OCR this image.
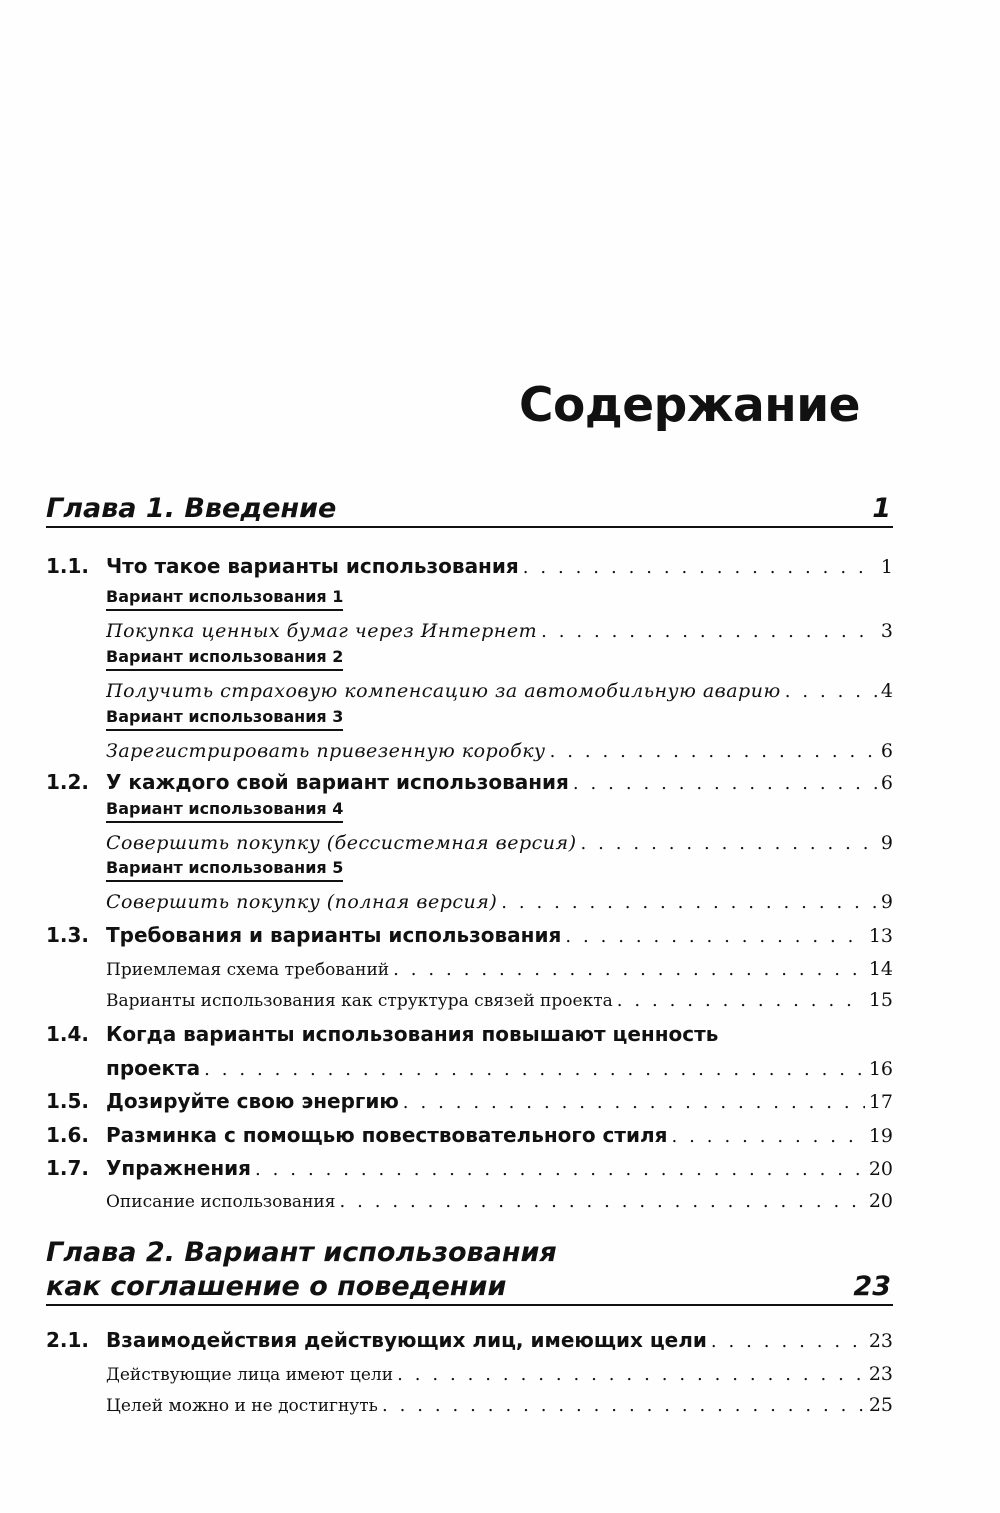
Содержание
Глава 1. Введение	1
1.1. Что такое варианты использования . . .	1
Вариант использования 1
Покупка ценных бумаг через Интернет . . .	3
Вариант использования 2
Получить страховую компенсацию за автомобильную аварию . . .	4
Вариант использования 3
Зарегистрировать привезенную коробку . . .	6
1.2. У каждого свой вариант использования . . .	6
Вариант использования 4
Совершить покупку (бессистемная версия) . . .	9
Вариант использования 5
Совершить покупку (полная версия) . . .	9
1.3. Требования и варианты использования . . .	13
Приемлемая схема требований . . .	14
Варианты использования как структура связей проекта . . .	15
1.4. Когда варианты использования повышают ценность
проекта . . .	16
1.5. Дозируйте свою энергию . . .	17
1.6. Разминка с помощью повествовательного стиля . . .	19
1.7. Упражнения . . .	20
Описание использования . . .	20
Глава 2. Вариант использования
как соглашение о поведении	23
2.1. Взаимодействия действующих лиц, имеющих цели . . .	23
Действующие лица имеют цели . . .	23
Целей можно и не достигнуть . . .	25
